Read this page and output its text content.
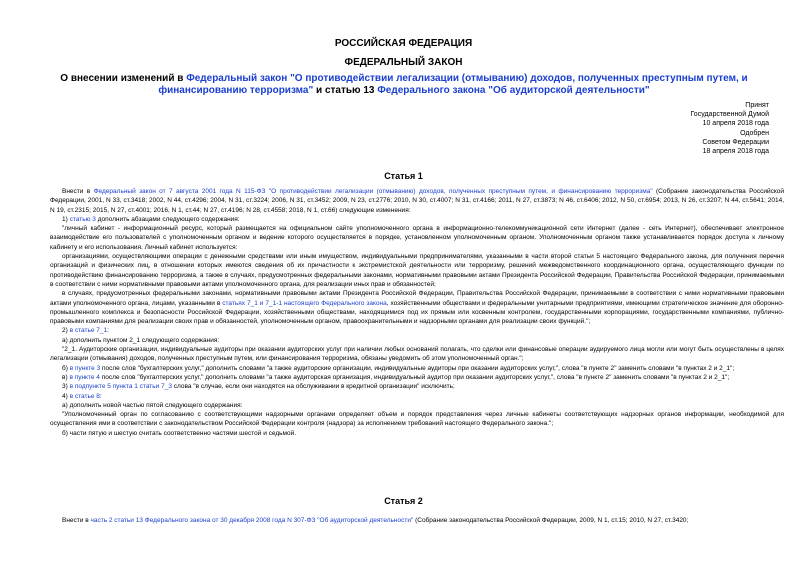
РОССИЙСКАЯ ФЕДЕРАЦИЯ
ФЕДЕРАЛЬНЫЙ ЗАКОН
О внесении изменений в Федеральный закон "О противодействии легализации (отмыванию) доходов, полученных преступным путем, и финансированию терроризма" и статью 13 Федерального закона "Об аудиторской деятельности"
Принят
Государственной Думой
10 апреля 2018 года
Одобрен
Советом Федерации
18 апреля 2018 года
Статья 1

Внести в Федеральный закон от 7 августа 2001 года N 115-ФЗ "О противодействии легализации (отмыванию) доходов, полученных преступным путем, и финансированию терроризма" (Собрание законодательства Российской Федерации, 2001, N 33, ст.3418; 2002, N 44, ст.4296; 2004, N 31, ст.3224; 2006, N 31, ст.3452; 2009, N 23, ст.2776; 2010, N 30, ст.4007; N 31, ст.4166; 2011, N 27, ст.3873; N 46, ст.6406; 2012, N 50, ст.6954; 2013, N 26, ст.3207; N 44, ст.5641; 2014, N 19, ст.2315; 2015, N 27, ст.4001; 2016, N 1, ст.44; N 27, ст.4196; N 28, ст.4558; 2018, N 1, ст.66) следующие изменения:

1) статью 3 дополнить абзацами следующего содержания:

"личный кабинет - информационный ресурс, который размещается на официальном сайте уполномоченного органа в информационно-телекоммуникационной сети Интернет (далее - сеть Интернет), обеспечивает электронное взаимодействие его пользователей с уполномоченным органом и ведение которого осуществляется в порядке, установленном уполномоченным органом. Уполномоченным органом также устанавливается порядок доступа к личному кабинету и его использования. Личный кабинет используется:

организациями, осуществляющими операции с денежными средствами или иным имуществом, индивидуальными предпринимателями, указанными в части второй статьи 5 настоящего Федерального закона, для получения перечня организаций и физических лиц, в отношении которых имеются сведения об их причастности к экстремистской деятельности или терроризму, решений межведомственного координационного органа, осуществляющего функции по противодействию финансированию терроризма, а также в случаях, предусмотренных федеральными законами, нормативными правовыми актами Президента Российской Федерации, Правительства Российской Федерации, принимаемыми в соответствии с ними нормативными правовыми актами уполномоченного органа, для реализации иных прав и обязанностей;

в случаях, предусмотренных федеральными законами, нормативными правовыми актами Президента Российской Федерации, Правительства Российской Федерации, принимаемыми в соответствии с ними нормативными правовыми актами уполномоченного органа, лицами, указанными в статьях 7_1 и 7_1-1 настоящего Федерального закона, хозяйственными обществами и федеральными унитарными предприятиями, имеющими стратегическое значение для оборонно-промышленного комплекса и безопасности Российской Федерации, хозяйственными обществами, находящимися под их прямым или косвенным контролем, государственными корпорациями, государственными компаниями, публично-правовыми компаниями для реализации своих прав и обязанностей, уполномоченным органом, правоохранительными и надзорными органами для реализации своих функций.";

2) в статье 7_1:

а) дополнить пунктом 2_1 следующего содержания:

"2_1. Аудиторские организации, индивидуальные аудиторы при оказании аудиторских услуг при наличии любых оснований полагать, что сделки или финансовые операции аудируемого лица могли или могут быть осуществлены в целях легализации (отмывания) доходов, полученных преступным путем, или финансирования терроризма, обязаны уведомить об этом уполномоченный орган.";

б) в пункте 3 после слов "бухгалтерских услуг," дополнить словами "а также аудиторские организации, индивидуальные аудиторы при оказании аудиторских услуг,", слова "в пункте 2" заменить словами "в пунктах 2 и 2_1";

в) в пункте 4 после слов "бухгалтерских услуг," дополнить словами "а также аудиторская организация, индивидуальный аудитор при оказании аудиторских услуг,", слова "в пункте 2" заменить словами "в пунктах 2 и 2_1";

3) в подпункте 5 пункта 1 статьи 7_3 слова "в случае, если они находятся на обслуживании в кредитной организации" исключить;

4) в статье 8:

а) дополнить новой частью пятой следующего содержания:

"Уполномоченный орган по согласованию с соответствующими надзорными органами определяет объем и порядок представления через личные кабинеты соответствующих надзорных органов информации, необходимой для осуществления ими в соответствии с законодательством Российской Федерации контроля (надзора) за исполнением требований настоящего Федерального закона.";

б) части пятую и шестую считать соответственно частями шестой и седьмой.

Статья 2

Внести в часть 2 статьи 13 Федерального закона от 30 декабря 2008 года N 307-ФЗ "Об аудиторской деятельности" (Собрание законодательства Российской Федерации, 2009, N 1, ст.15; 2010, N 27, ст.3420;
